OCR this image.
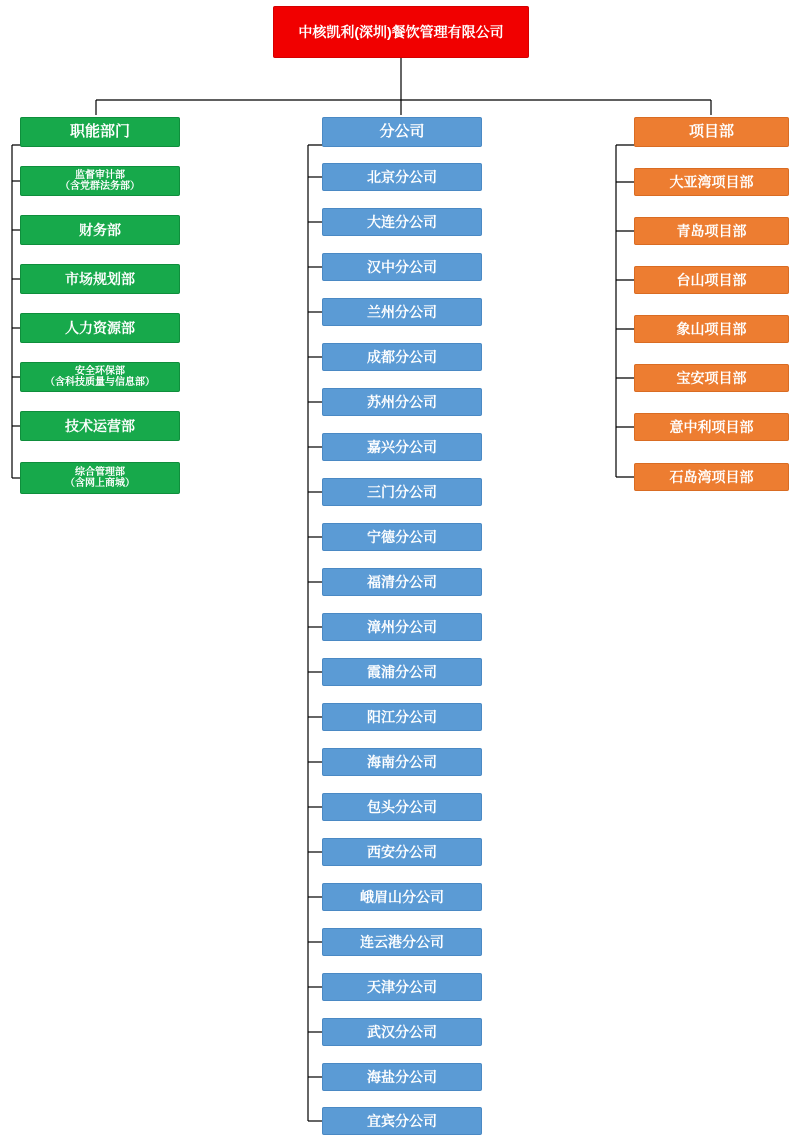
中核凯利(深圳)餐饮管理有限公司
职能部门
监督审计部
（含党群法务部）
财务部
市场规划部
人力资源部
安全环保部
（含科技质量与信息部）
技术运营部
综合管理部
（含网上商城）
分公司
北京分公司
大连分公司
汉中分公司
兰州分公司
成都分公司
苏州分公司
嘉兴分公司
三门分公司
宁德分公司
福清分公司
漳州分公司
霞浦分公司
阳江分公司
海南分公司
包头分公司
西安分公司
峨眉山分公司
连云港分公司
天津分公司
武汉分公司
海盐分公司
宜宾分公司
项目部
大亚湾项目部
青岛项目部
台山项目部
象山项目部
宝安项目部
意中利项目部
石岛湾项目部
